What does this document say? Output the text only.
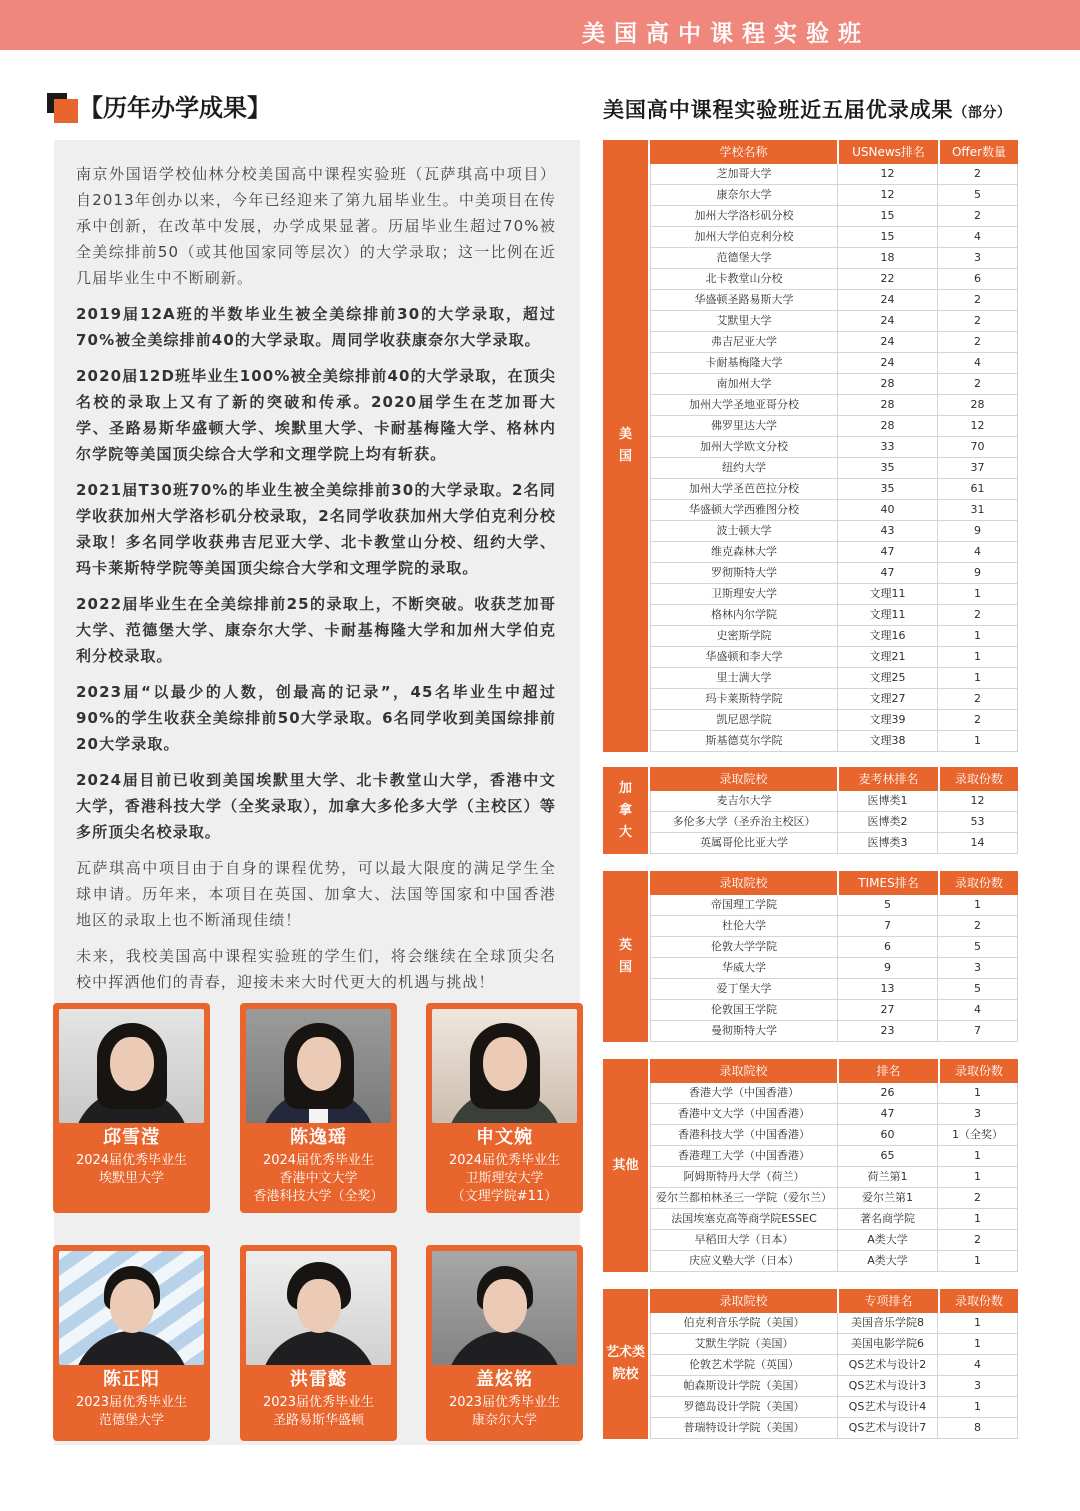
美国高中课程实验班
【历年办学成果】

南京外国语学校仙林分校美国高中课程实验班（瓦萨琪高中项目）自2013年创办以来，今年已经迎来了第九届毕业生。中美项目在传承中创新，在改革中发展，办学成果显著。历届毕业生超过70%被全美综排前50（或其他国家同等层次）的大学录取；这一比例在近几届毕业生中不断刷新。

2019届12A班的半数毕业生被全美综排前30的大学录取，超过70%被全美综排前40的大学录取。周同学收获康奈尔大学录取。

2020届12D班毕业生100%被全美综排前40的大学录取，在顶尖名校的录取上又有了新的突破和传承。2020届学生在芝加哥大学、圣路易斯华盛顿大学、埃默里大学、卡耐基梅隆大学、格林内尔学院等美国顶尖综合大学和文理学院上均有斩获。

2021届T30班70%的毕业生被全美综排前30的大学录取。2名同学收获加州大学洛杉矶分校录取，2名同学收获加州大学伯克利分校录取！多名同学收获弗吉尼亚大学、北卡教堂山分校、纽约大学、玛卡莱斯特学院等美国顶尖综合大学和文理学院的录取。

2022届毕业生在全美综排前25的录取上，不断突破。收获芝加哥大学、范德堡大学、康奈尔大学、卡耐基梅隆大学和加州大学伯克利分校录取。

2023届“以最少的人数，创最高的记录”，45名毕业生中超过90%的学生收获全美综排前50大学录取。6名同学收到美国综排前20大学录取。

2024届目前已收到美国埃默里大学、北卡教堂山大学，香港中文大学，香港科技大学（全奖录取），加拿大多伦多大学（主校区）等多所顶尖名校录取。

瓦萨琪高中项目由于自身的课程优势，可以最大限度的满足学生全球申请。历年来，本项目在英国、加拿大、法国等国家和中国香港地区的录取上也不断涌现佳绩！

未来，我校美国高中课程实验班的学生们，将会继续在全球顶尖名校中挥洒他们的青春，迎接未来大时代更大的机遇与挑战！

邱雪滢
2024届优秀毕业生
埃默里大学
陈逸瑶
2024届优秀毕业生
香港中文大学
香港科技大学（全奖）
申文婉
2024届优秀毕业生
卫斯理安大学
（文理学院#11）
陈正阳
2023届优秀毕业生
范德堡大学
洪雷懿
2023届优秀毕业生
圣路易斯华盛顿
盖炫铭
2023届优秀毕业生
康奈尔大学
美国高中课程实验班近五届优录成果（部分）
美国
学校名称	USNews排名	Offer数量
芝加哥大学	12	2
康奈尔大学	12	5
加州大学洛杉矶分校	15	2
加州大学伯克利分校	15	4
范德堡大学	18	3
北卡教堂山分校	22	6
华盛顿圣路易斯大学	24	2
艾默里大学	24	2
弗吉尼亚大学	24	2
卡耐基梅隆大学	24	4
南加州大学	28	2
加州大学圣地亚哥分校	28	28
佛罗里达大学	28	12
加州大学欧文分校	33	70
纽约大学	35	37
加州大学圣芭芭拉分校	35	61
华盛顿大学西雅图分校	40	31
波士顿大学	43	9
维克森林大学	47	4
罗彻斯特大学	47	9
卫斯理安大学	文理11	1
格林内尔学院	文理11	2
史密斯学院	文理16	1
华盛顿和李大学	文理21	1
里士满大学	文理25	1
玛卡莱斯特学院	文理27	2
凯尼恩学院	文理39	2
斯基德莫尔学院	文理38	1
加拿大
录取院校	麦考林排名	录取份数
麦吉尔大学	医博类1	12
多伦多大学（圣乔治主校区）	医博类2	53
英属哥伦比亚大学	医博类3	14
英国
录取院校	TIMES排名	录取份数
帝国理工学院	5	1
杜伦大学	7	2
伦敦大学学院	6	5
华威大学	9	3
爱丁堡大学	13	5
伦敦国王学院	27	4
曼彻斯特大学	23	7
其他
录取院校	排名	录取份数
香港大学（中国香港）	26	1
香港中文大学（中国香港）	47	3
香港科技大学（中国香港）	60	1（全奖）
香港理工大学（中国香港）	65	1
阿姆斯特丹大学（荷兰）	荷兰第1	1
爱尔兰都柏林圣三一学院（爱尔兰）	爱尔兰第1	2
法国埃塞克高等商学院ESSEC	著名商学院	1
早稻田大学（日本）	A类大学	2
庆应义塾大学（日本）	A类大学	1
艺术类院校
录取院校	专项排名	录取份数
伯克利音乐学院（美国）	美国音乐学院8	1
艾默生学院（美国）	美国电影学院6	1
伦敦艺术学院（英国）	QS艺术与设计2	4
帕森斯设计学院（美国）	QS艺术与设计3	3
罗德岛设计学院（美国）	QS艺术与设计4	1
普瑞特设计学院（美国）	QS艺术与设计7	8
